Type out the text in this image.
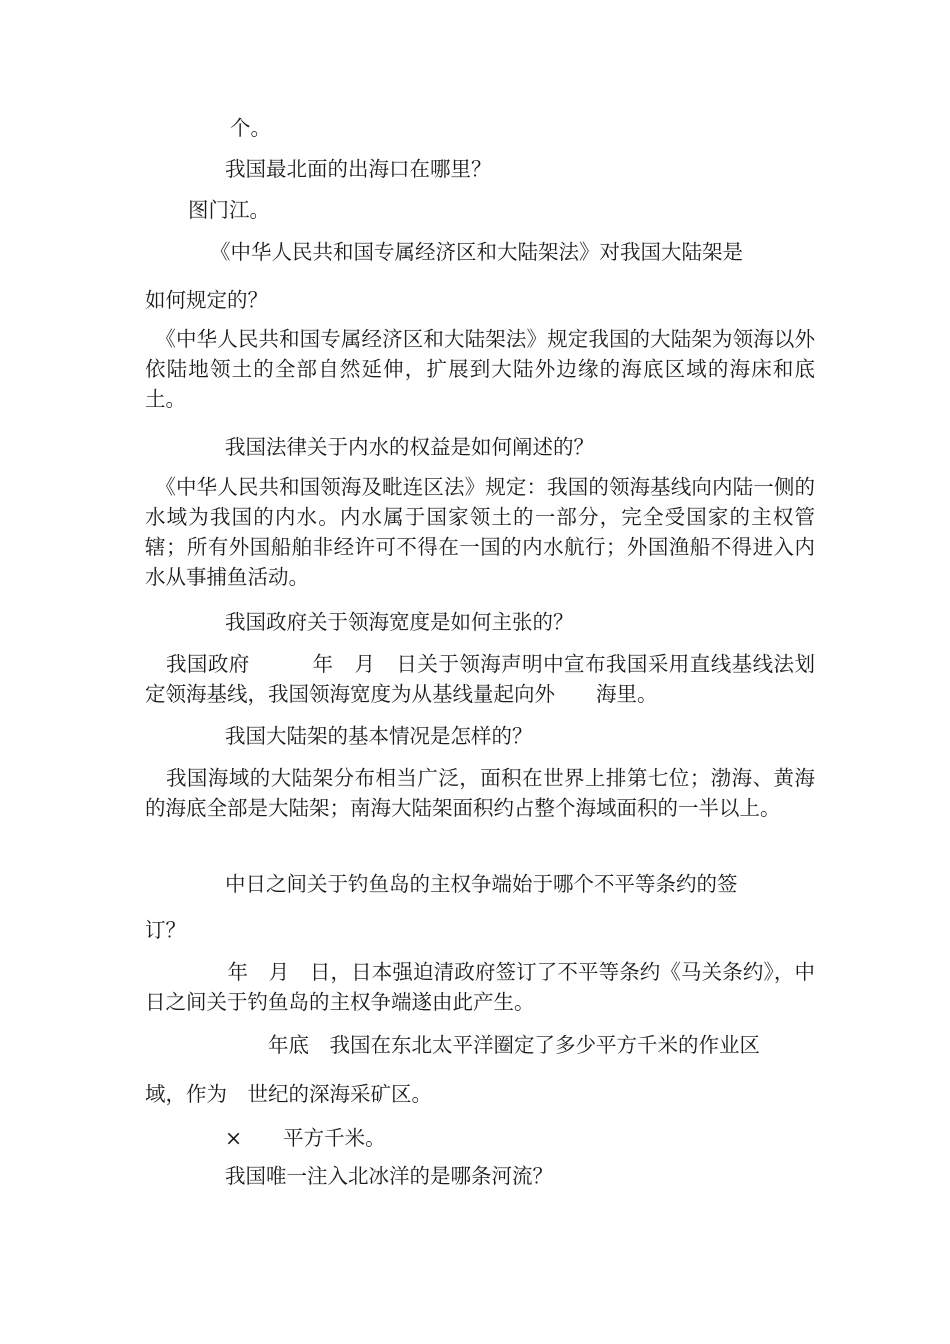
个。
我国最北面的出海口在哪里？
图门江。
《中华人民共和国专属经济区和大陆架法》对我国大陆架是
如何规定的？
　《中华人民共和国专属经济区和大陆架法》规定我国的大陆架为领海以外依陆地领土的全部自然延伸，扩展到大陆外边缘的海底区域的海床和底土。
我国法律关于内水的权益是如何阐述的？
　《中华人民共和国领海及毗连区法》规定：我国的领海基线向内陆一侧的水域为我国的内水。内水属于国家领土的一部分，完全受国家的主权管辖；所有外国船舶非经许可不得在一国的内水航行；外国渔船不得进入内水从事捕鱼活动。
我国政府关于领海宽度是如何主张的？
　我国政府　　　年　月　日关于领海声明中宣布我国采用直线基线法划定领海基线，我国领海宽度为从基线量起向外　　海里。
我国大陆架的基本情况是怎样的？
　我国海域的大陆架分布相当广泛，面积在世界上排第七位；渤海、黄海的海底全部是大陆架；南海大陆架面积约占整个海域面积的一半以上。
中日之间关于钓鱼岛的主权争端始于哪个不平等条约的签
订？
　　　　年　月　日，日本强迫清政府签订了不平等条约《马关条约》，中日之间关于钓鱼岛的主权争端遂由此产生。
年底　我国在东北太平洋圈定了多少平方千米的作业区
域，作为　世纪的深海采矿区。
×　　平方千米。
我国唯一注入北冰洋的是哪条河流？
